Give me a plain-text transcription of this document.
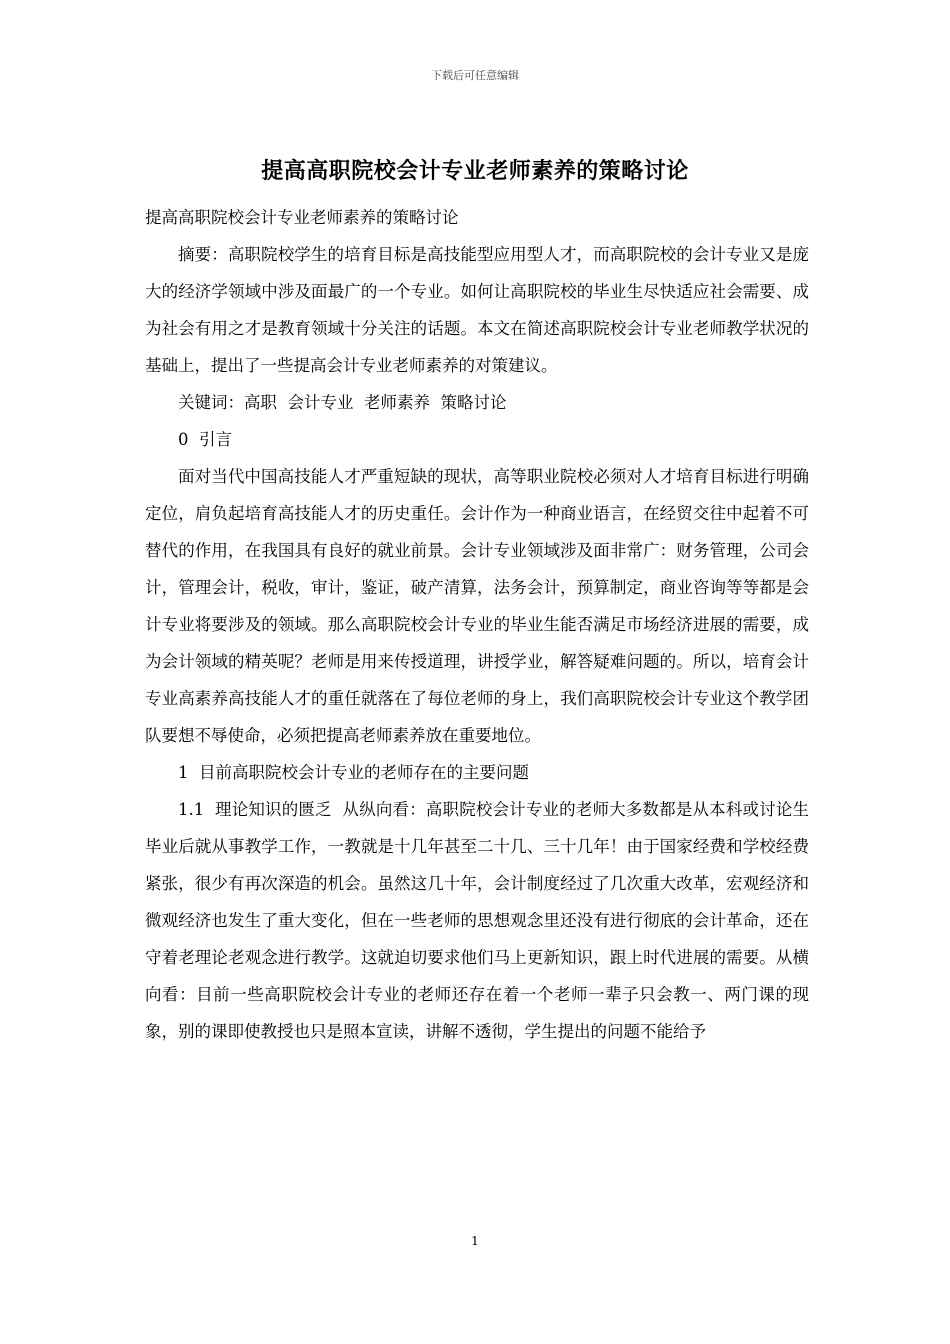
下载后可任意编辑
提高高职院校会计专业老师素养的策略讨论

提高高职院校会计专业老师素养的策略讨论

摘要：高职院校学生的培育目标是高技能型应用型人才，而高职院校的会计专业又是庞大的经济学领域中涉及面最广的一个专业。如何让高职院校的毕业生尽快适应社会需要、成为社会有用之才是教育领域十分关注的话题。本文在简述高职院校会计专业老师教学状况的基础上，提出了一些提高会计专业老师素养的对策建议。

关键词：高职  会计专业  老师素养  策略讨论

0  引言

面对当代中国高技能人才严重短缺的现状，高等职业院校必须对人才培育目标进行明确定位，肩负起培育高技能人才的历史重任。会计作为一种商业语言，在经贸交往中起着不可替代的作用，在我国具有良好的就业前景。会计专业领域涉及面非常广：财务管理，公司会计，管理会计，税收，审计，鉴证，破产清算，法务会计，预算制定，商业咨询等等都是会计专业将要涉及的领域。那么高职院校会计专业的毕业生能否满足市场经济进展的需要，成为会计领域的精英呢？老师是用来传授道理，讲授学业，解答疑难问题的。所以，培育会计专业高素养高技能人才的重任就落在了每位老师的身上，我们高职院校会计专业这个教学团队要想不辱使命，必须把提高老师素养放在重要地位。

1  目前高职院校会计专业的老师存在的主要问题

1.1  理论知识的匮乏  从纵向看：高职院校会计专业的老师大多数都是从本科或讨论生毕业后就从事教学工作，一教就是十几年甚至二十几、三十几年！由于国家经费和学校经费紧张，很少有再次深造的机会。虽然这几十年，会计制度经过了几次重大改革，宏观经济和微观经济也发生了重大变化，但在一些老师的思想观念里还没有进行彻底的会计革命，还在守着老理论老观念进行教学。这就迫切要求他们马上更新知识，跟上时代进展的需要。从横向看：目前一些高职院校会计专业的老师还存在着一个老师一辈子只会教一、两门课的现象，别的课即使教授也只是照本宣读，讲解不透彻，学生提出的问题不能给予

1
